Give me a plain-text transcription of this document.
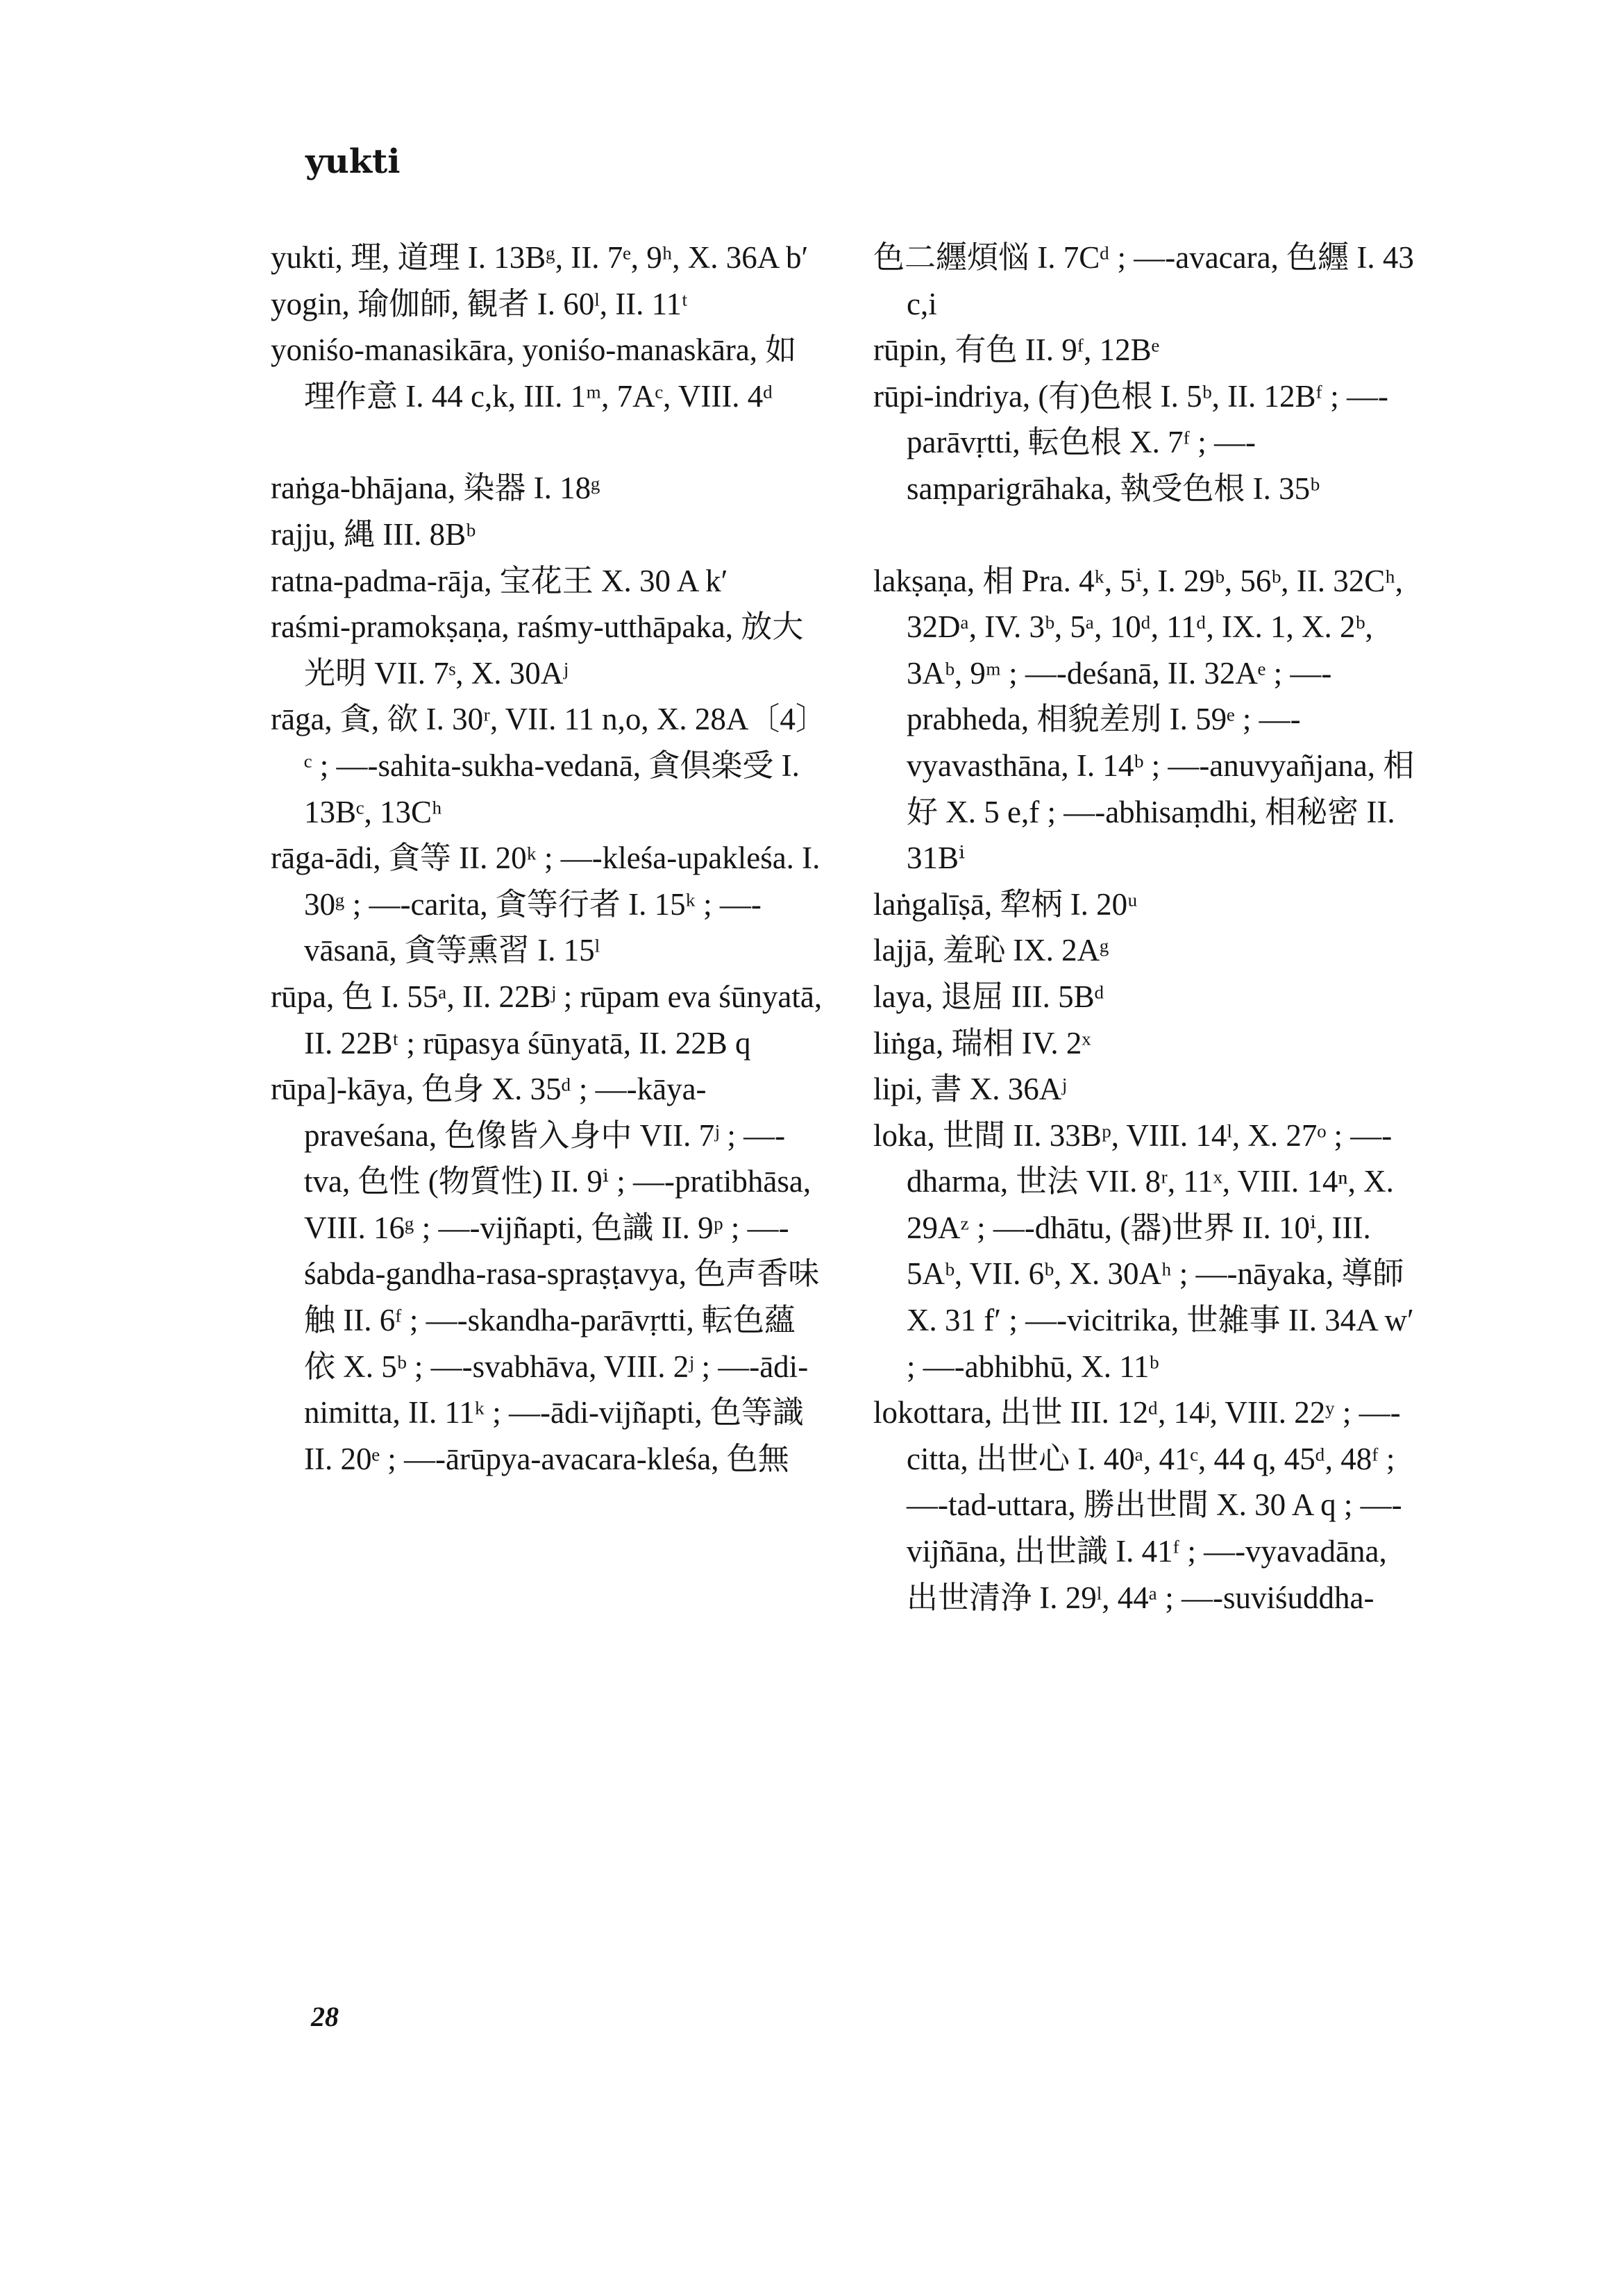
yukti

yukti, 理, 道理 I. 13Bᵍ, II. 7ᵉ, 9ʰ, X. 36A b′

yogin, 瑜伽師, 観者 I. 60ˡ, II. 11ᵗ

yoniśo-manasikāra, yoniśo-manaskāra, 如理作意 I. 44 c,k, III. 1ᵐ, 7Aᶜ, VIII. 4ᵈ

raṅga-bhājana, 染器 I. 18ᵍ

rajju, 縄 III. 8Bᵇ

ratna-padma-rāja, 宝花王 X. 30 A k′

raśmi-pramokṣaṇa, raśmy-utthāpaka, 放大光明 VII. 7ˢ, X. 30Aʲ

rāga, 貪, 欲 I. 30ʳ, VII. 11 n,o, X. 28A〔4〕ᶜ ; —-sahita-sukha-vedanā, 貪倶楽受 I. 13Bᶜ, 13Cʰ

rāga-ādi, 貪等 II. 20ᵏ ; —-kleśa-upakleśa. I. 30ᵍ ; —-carita, 貪等行者 I. 15ᵏ ; —-vāsanā, 貪等熏習 I. 15ˡ

rūpa, 色 I. 55ᵃ, II. 22Bʲ ; rūpam eva śūnyatā, II. 22Bᵗ ; rūpasya śūnyatā, II. 22B q

rūpa]-kāya, 色身 X. 35ᵈ ; —-kāya-praveśana, 色像皆入身中 VII. 7ʲ ; —-tva, 色性 (物質性) II. 9ⁱ ; —-pratibhāsa, VIII. 16ᵍ ; —-vijñapti, 色識 II. 9ᵖ ; —-śabda-gandha-rasa-spraṣṭavya, 色声香味触 II. 6ᶠ ; —-skandha-parāvṛtti, 転色蘊依 X. 5ᵇ ; —-svabhāva, VIII. 2ʲ ; —-ādi-nimitta, II. 11ᵏ ; —-ādi-vijñapti, 色等識 II. 20ᵉ ; —-ārūpya-avacara-kleśa, 色無

色二纒煩悩 I. 7Cᵈ ; —-avacara, 色纒 I. 43 c,i

rūpin, 有色 II. 9ᶠ, 12Bᵉ

rūpi-indriya, (有)色根 I. 5ᵇ, II. 12Bᶠ ; —-parāvṛtti, 転色根 X. 7ᶠ ; —-saṃparigrāhaka, 執受色根 I. 35ᵇ

lakṣaṇa, 相 Pra. 4ᵏ, 5ⁱ, I. 29ᵇ, 56ᵇ, II. 32Cʰ, 32Dᵃ, IV. 3ᵇ, 5ᵃ, 10ᵈ, 11ᵈ, IX. 1, X. 2ᵇ, 3Aᵇ, 9ᵐ ; —-deśanā, II. 32Aᵉ ; —-prabheda, 相貌差別 I. 59ᵉ ; —-vyavasthāna, I. 14ᵇ ; —-anuvyañjana, 相好 X. 5 e,f ; —-abhisaṃdhi, 相秘密 II. 31Bⁱ

laṅgalīṣā, 犂柄 I. 20ᵘ

lajjā, 羞恥 IX. 2Aᵍ

laya, 退屈 III. 5Bᵈ

liṅga, 瑞相 IV. 2ˣ

lipi, 書 X. 36Aʲ

loka, 世間 II. 33Bᵖ, VIII. 14ˡ, X. 27ᵒ ; —-dharma, 世法 VII. 8ʳ, 11ˣ, VIII. 14ⁿ, X. 29Aᶻ ; —-dhātu, (器)世界 II. 10ⁱ, III. 5Aᵇ, VII. 6ᵇ, X. 30Aʰ ; —-nāyaka, 導師 X. 31 f′ ; —-vicitrika, 世雑事 II. 34A w′ ; —-abhibhū, X. 11ᵇ

lokottara, 出世 III. 12ᵈ, 14ʲ, VIII. 22ʸ ; —-citta, 出世心 I. 40ᵃ, 41ᶜ, 44 q, 45ᵈ, 48ᶠ ; —-tad-uttara, 勝出世間 X. 30 A q ; —-vijñāna, 出世識 I. 41ᶠ ; —-vyavadāna, 出世清浄 I. 29ˡ, 44ᵃ ; —-suviśuddha-

28
